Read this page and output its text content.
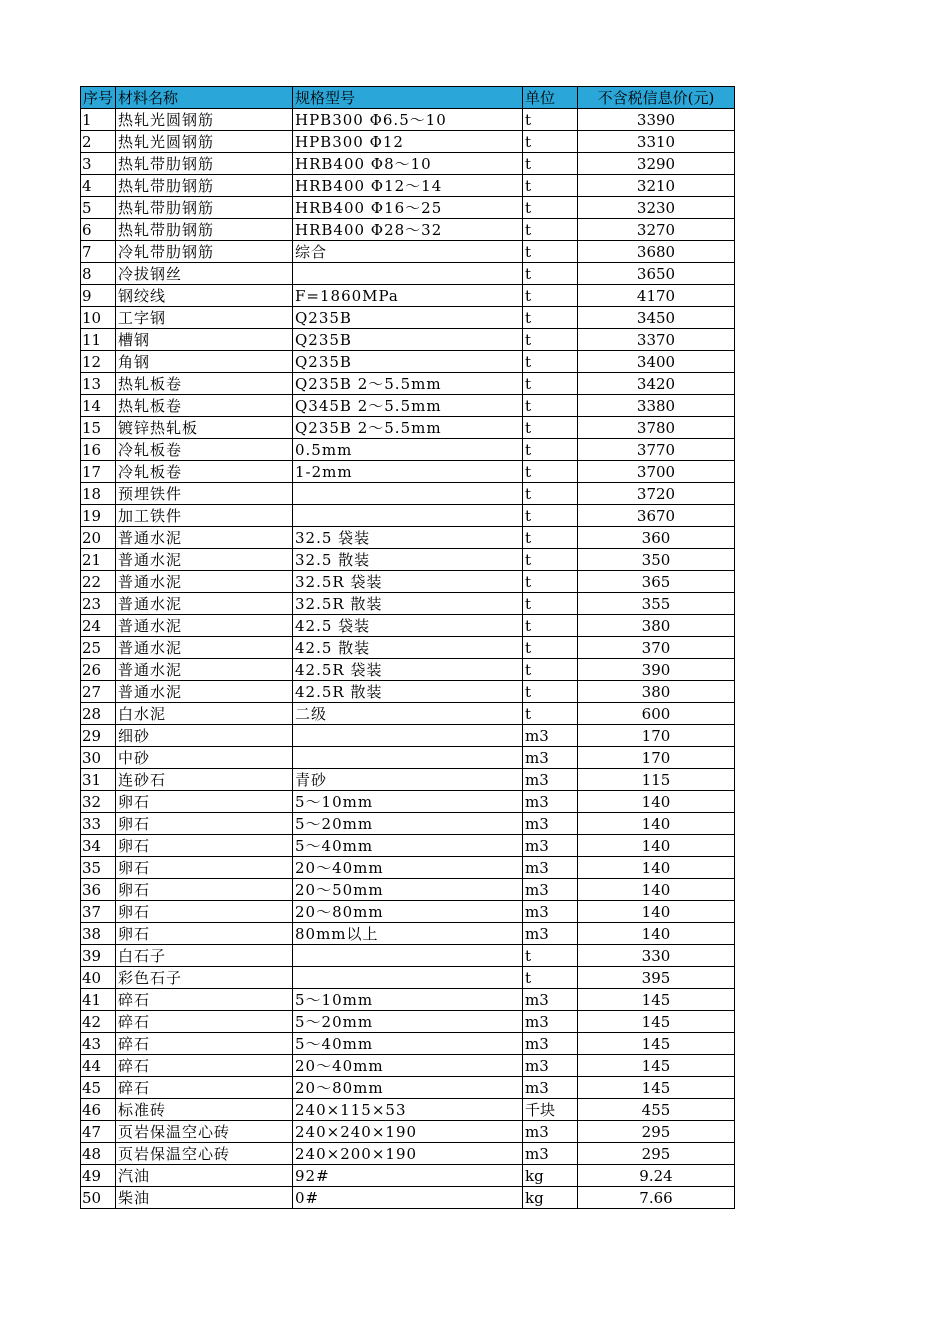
序号	材料名称	规格型号	单位	不含税信息价(元)
1	热轧光圆钢筋	HPB300 Φ6.5～10	t	3390
2	热轧光圆钢筋	HPB300 Φ12	t	3310
3	热轧带肋钢筋	HRB400 Φ8～10	t	3290
4	热轧带肋钢筋	HRB400 Φ12～14	t	3210
5	热轧带肋钢筋	HRB400 Φ16～25	t	3230
6	热轧带肋钢筋	HRB400 Φ28～32	t	3270
7	冷轧带肋钢筋	综合	t	3680
8	冷拔钢丝		t	3650
9	钢绞线	F=1860MPa	t	4170
10	工字钢	Q235B	t	3450
11	槽钢	Q235B	t	3370
12	角钢	Q235B	t	3400
13	热轧板卷	Q235B 2～5.5mm	t	3420
14	热轧板卷	Q345B 2～5.5mm	t	3380
15	镀锌热轧板	Q235B 2～5.5mm	t	3780
16	冷轧板卷	0.5mm	t	3770
17	冷轧板卷	1-2mm	t	3700
18	预埋铁件		t	3720
19	加工铁件		t	3670
20	普通水泥	32.5 袋装	t	360
21	普通水泥	32.5 散装	t	350
22	普通水泥	32.5R 袋装	t	365
23	普通水泥	32.5R 散装	t	355
24	普通水泥	42.5 袋装	t	380
25	普通水泥	42.5 散装	t	370
26	普通水泥	42.5R 袋装	t	390
27	普通水泥	42.5R 散装	t	380
28	白水泥	二级	t	600
29	细砂		m3	170
30	中砂		m3	170
31	连砂石	青砂	m3	115
32	卵石	5～10mm	m3	140
33	卵石	5～20mm	m3	140
34	卵石	5～40mm	m3	140
35	卵石	20～40mm	m3	140
36	卵石	20～50mm	m3	140
37	卵石	20～80mm	m3	140
38	卵石	80mm以上	m3	140
39	白石子		t	330
40	彩色石子		t	395
41	碎石	5～10mm	m3	145
42	碎石	5～20mm	m3	145
43	碎石	5～40mm	m3	145
44	碎石	20～40mm	m3	145
45	碎石	20～80mm	m3	145
46	标准砖	240×115×53	千块	455
47	页岩保温空心砖	240×240×190	m3	295
48	页岩保温空心砖	240×200×190	m3	295
49	汽油	92#	kg	9.24
50	柴油	0#	kg	7.66
